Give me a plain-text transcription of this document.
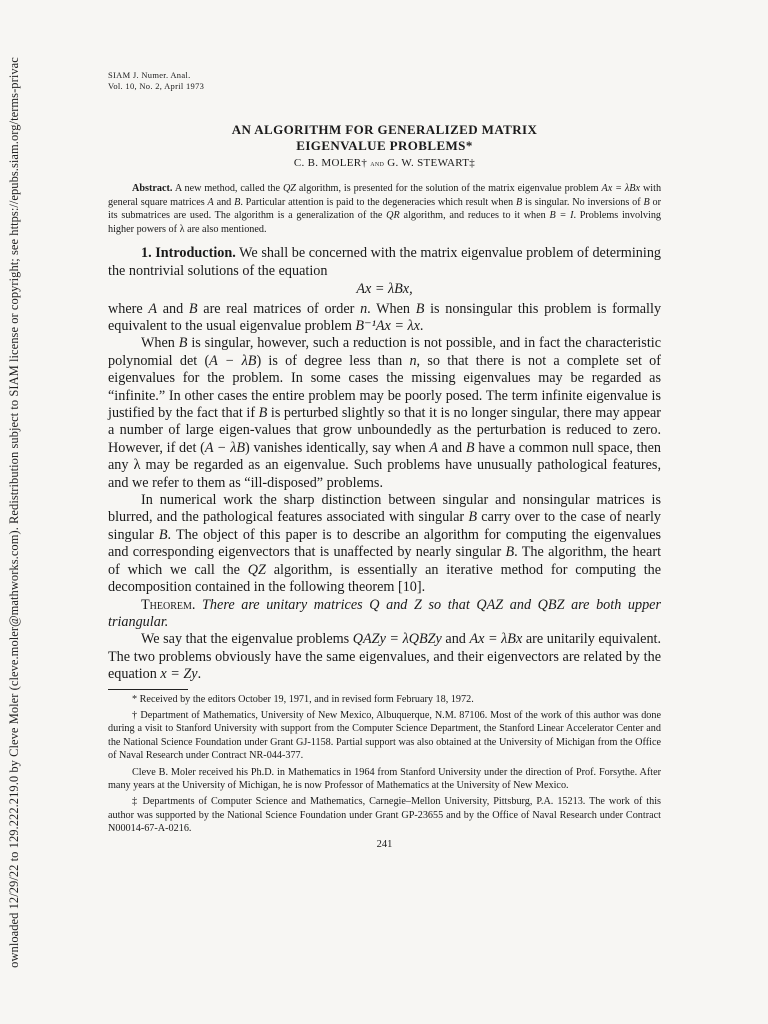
ownloaded 12/29/22 to 129.222.219.0 by Cleve Moler (cleve.moler@mathworks.com). Redistribution subject to SIAM license or copyright; see https://epubs.siam.org/terms-privac	SIAM J. Numer. Anal.
Vol. 10, No. 2, April 1973
AN ALGORITHM FOR GENERALIZED MATRIX
EIGENVALUE PROBLEMS*
C. B. MOLER† and G. W. STEWART‡
Abstract. A new method, called the QZ algorithm, is presented for the solution of the matrix eigenvalue problem Ax = λBx with general square matrices A and B. Particular attention is paid to the degeneracies which result when B is singular. No inversions of B or its submatrices are used. The algorithm is a generalization of the QR algorithm, and reduces to it when B = I. Problems involving higher powers of λ are also mentioned.

1. Introduction. We shall be concerned with the matrix eigenvalue problem of determining the nontrivial solutions of the equation

Ax = λBx,

where A and B are real matrices of order n. When B is nonsingular this problem is formally equivalent to the usual eigenvalue problem B⁻¹Ax = λx.

When B is singular, however, such a reduction is not possible, and in fact the characteristic polynomial det (A − λB) is of degree less than n, so that there is not a complete set of eigenvalues for the problem. In some cases the missing eigenvalues may be regarded as “infinite.” In other cases the entire problem may be poorly posed. The term infinite eigenvalue is justified by the fact that if B is perturbed slightly so that it is no longer singular, there may appear a number of large eigen-values that grow unboundedly as the perturbation is reduced to zero. However, if det (A − λB) vanishes identically, say when A and B have a common null space, then any λ may be regarded as an eigenvalue. Such problems have unusually pathological features, and we refer to them as “ill-disposed” problems.

In numerical work the sharp distinction between singular and nonsingular matrices is blurred, and the pathological features associated with singular B carry over to the case of nearly singular B. The object of this paper is to describe an algorithm for computing the eigenvalues and corresponding eigenvectors that is unaffected by nearly singular B. The algorithm, the heart of which we call the QZ algorithm, is essentially an iterative method for computing the decomposition contained in the following theorem [10].

Theorem. There are unitary matrices Q and Z so that QAZ and QBZ are both upper triangular.

We say that the eigenvalue problems QAZy = λQBZy and Ax = λBx are unitarily equivalent. The two problems obviously have the same eigenvalues, and their eigenvectors are related by the equation x = Zy.

* Received by the editors October 19, 1971, and in revised form February 18, 1972.

† Department of Mathematics, University of New Mexico, Albuquerque, N.M. 87106. Most of the work of this author was done during a visit to Stanford University with support from the Computer Science Department, the Stanford Linear Accelerator Center and the National Science Foundation under Grant GJ-1158. Partial support was also obtained at the University of Michigan from the Office of Naval Research under Contract NR-044-377.

Cleve B. Moler received his Ph.D. in Mathematics in 1964 from Stanford University under the direction of Prof. Forsythe. After many years at the University of Michigan, he is now Professor of Mathematics at the University of New Mexico.

‡ Departments of Computer Science and Mathematics, Carnegie–Mellon University, Pittsburg, P.A. 15213. The work of this author was supported by the National Science Foundation under Grant GP-23655 and by the Office of Naval Research under Contract N00014-67-A-0216.

241
